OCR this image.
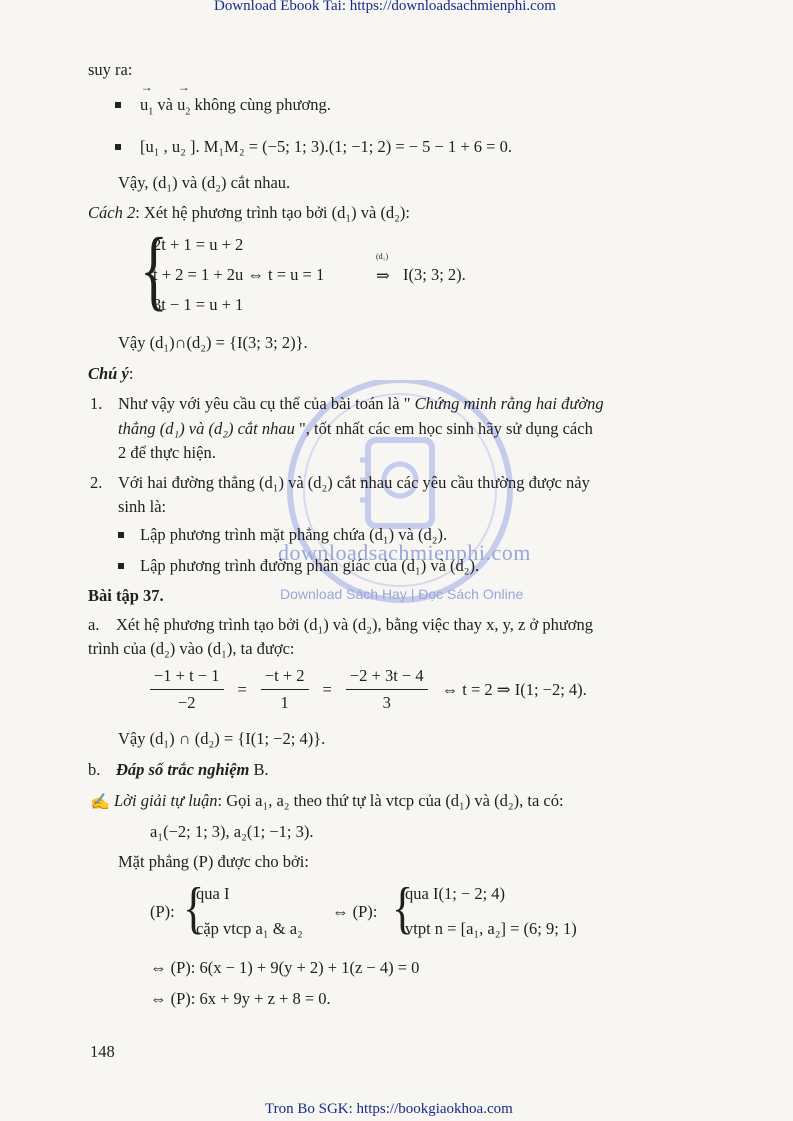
Download Ebook Tai: https://downloadsachmienphi.com
Tron Bo SGK: https://bookgiaokhoa.com
downloadsachmienphi.com
Download Sách Hay | Đọc Sách Online
suy ra:
→ $u_1$ và → $u_2$ không cùng phương.
[u₁ , u₂ ]. M₁M₂ = (−5; 1; 3).(1; −1; 2) = − 5 − 1 + 6 = 0.
Vậy, (d₁) và (d₂) cắt nhau.
Cách 2: Xét hệ phương trình tạo bởi (d₁) và (d₂):
{
2t + 1 = u + 2
t + 2 = 1 + 2u ⇔ t = u = 1	⇒
(d₁)
I(3; 3; 2).
3t − 1 = u + 1
Vậy (d₁)∩(d₂) = {I(3; 3; 2)}.
Chú ý:
1. Như vậy với yêu cầu cụ thể của bài toán là " Chứng minh rằng hai đường
thẳng (d₁) và (d₂) cắt nhau ", tốt nhất các em học sinh hãy sử dụng cách
2 để thực hiện.
2. Với hai đường thẳng (d₁) và (d₂) cắt nhau các yêu cầu thường được nảy
sinh là:
Lập phương trình mặt phẳng chứa (d₁) và (d₂).
Lập phương trình đường phân giác của (d₁) và (d₂).
Bài tập 37.
a. Xét hệ phương trình tạo bởi (d₁) và (d₂), bằng việc thay x, y, z ở phương
trình của (d₂) vào (d₁), ta được:
$\frac{-1 + t - 1}{-2} = \frac{-t + 2}{1} = \frac{-2 + 3t - 4}{3}$ ⇔ t = 2 ⇒ I(1; −2; 4).
Vậy (d₁) ∩ (d₂) = {I(1; −2; 4)}.
b. Đáp số trắc nghiệm B.
✍ Lời giải tự luận: Gọi a₁, a₂ theo thứ tự là vtcp của (d₁) và (d₂), ta có:
a₁(−2; 1; 3), a₂(1; −1; 3).
Mặt phẳng (P) được cho bởi:
(P): {
qua I
cặp vtcp a₁ & a₂
⇔ (P): {
qua I(1; − 2; 4)
vtpt n = [a₁, a₂] = (6; 9; 1)
⇔ (P): 6(x − 1) + 9(y + 2) + 1(z − 4) = 0
⇔ (P): 6x + 9y + z + 8 = 0.
148
